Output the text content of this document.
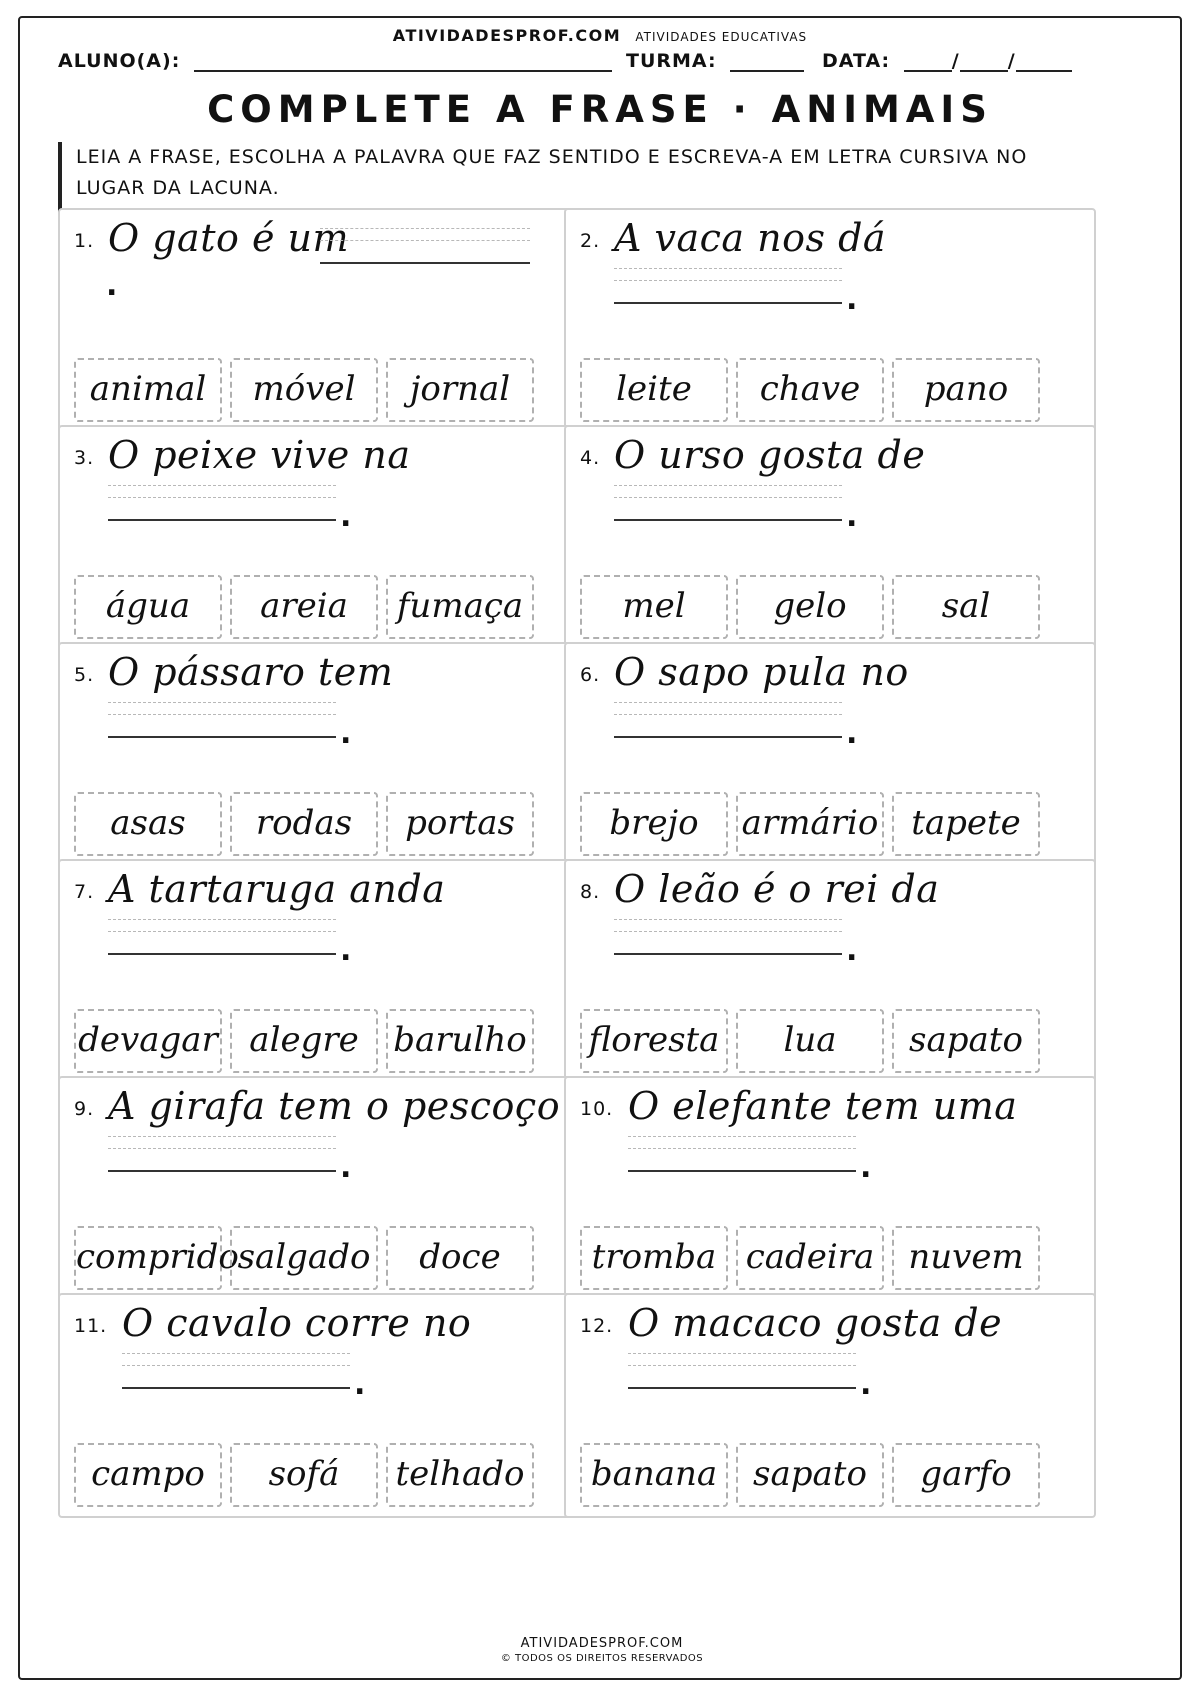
ATIVIDADESPROF.COM ATIVIDADES EDUCATIVAS
ALUNO(A):	TURMA:	DATA:	/	/
COMPLETE A FRASE · ANIMAIS
LEIA A FRASE, ESCOLHA A PALAVRA QUE FAZ SENTIDO E ESCREVA-A EM LETRA CURSIVA NO LUGAR DA LACUNA.
1. O gato é um
.
animal	móvel	jornal
2. A vaca nos dá
.
leite	chave	pano
3. O peixe vive na
.
água	areia	fumaça
4. O urso gosta de
.
mel	gelo	sal
5. O pássaro tem
.
asas	rodas	portas
6. O sapo pula no
.
brejo	armário tapete
7. A tartaruga anda
.
devagar alegre	barulho
8. O leão é o rei da
.
floresta	lua	sapato
9. A girafa tem o pescoço
.
comprido
salgado	doce
10. O elefante tem uma
.
tromba cadeira	nuvem
11. O cavalo corre no
.
campo	sofá	telhado
12. O macaco gosta de
.
banana	sapato	garfo
ATIVIDADESPROF.COM
© TODOS OS DIREITOS RESERVADOS
